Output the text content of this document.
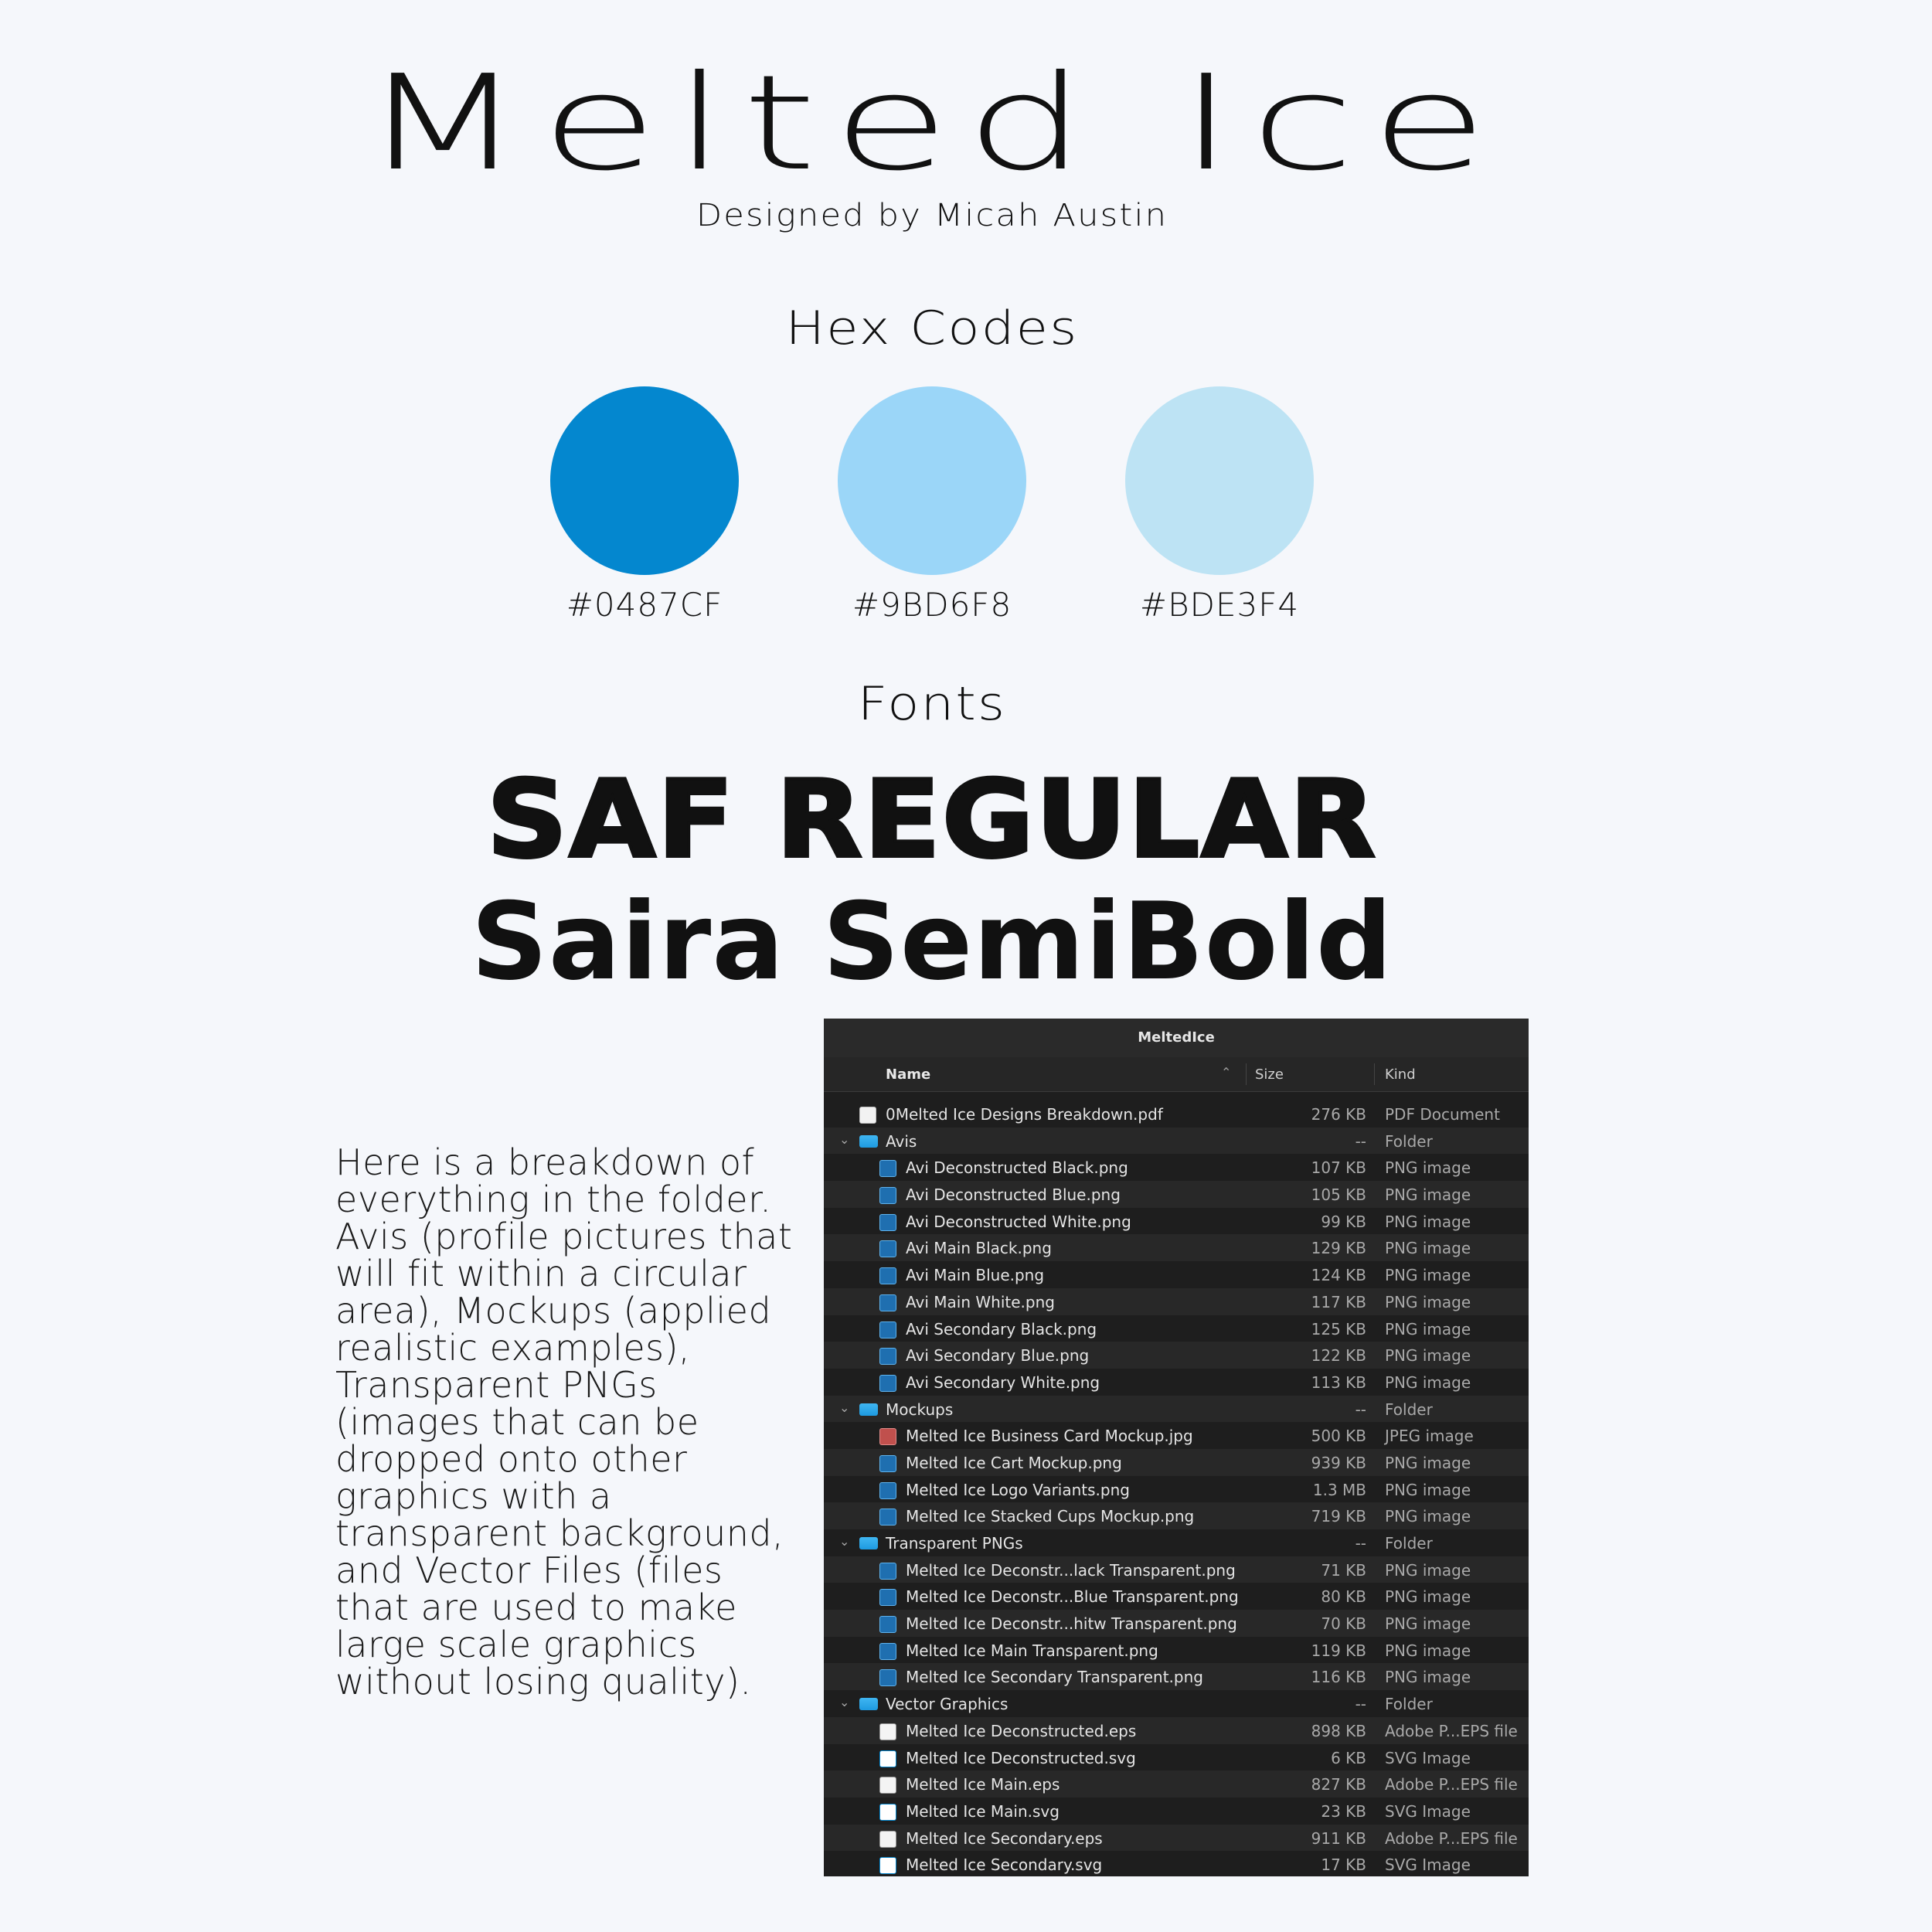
Melted Ice
Designed by Micah Austin
Hex Codes
#0487CF	#9BD6F8	#BDE3F4
Fonts
SAF REGULAR
Saira SemiBold
Here is a breakdown of everything in the folder. Avis (profile pictures that will fit within a circular area), Mockups (applied realistic examples), Transparent PNGs (images that can be dropped onto other graphics with a transparent background, and Vector Files (files that are used to make large scale graphics without losing quality).
MeltedIce
Name	⌃ Size	Kind
0Melted Ice Designs Breakdown.pdf	276 KB PDF Document
⌄ Avis	-- Folder
Avi Deconstructed Black.png	107 KB PNG image
Avi Deconstructed Blue.png	105 KB PNG image
Avi Deconstructed White.png	99 KB PNG image
Avi Main Black.png	129 KB PNG image
Avi Main Blue.png	124 KB PNG image
Avi Main White.png	117 KB PNG image
Avi Secondary Black.png	125 KB PNG image
Avi Secondary Blue.png	122 KB PNG image
Avi Secondary White.png	113 KB PNG image
⌄ Mockups	-- Folder
Melted Ice Business Card Mockup.jpg	500 KB JPEG image
Melted Ice Cart Mockup.png	939 KB PNG image
Melted Ice Logo Variants.png	1.3 MB PNG image
Melted Ice Stacked Cups Mockup.png	719 KB PNG image
⌄ Transparent PNGs	-- Folder
Melted Ice Deconstr...lack Transparent.png	71 KB PNG image
Melted Ice Deconstr...Blue Transparent.png	80 KB PNG image
Melted Ice Deconstr...hitw Transparent.png	70 KB PNG image
Melted Ice Main Transparent.png	119 KB PNG image
Melted Ice Secondary Transparent.png	116 KB PNG image
⌄ Vector Graphics	-- Folder
Melted Ice Deconstructed.eps	898 KB Adobe P...EPS file
Melted Ice Deconstructed.svg	6 KB SVG Image
Melted Ice Main.eps	827 KB Adobe P...EPS file
Melted Ice Main.svg	23 KB SVG Image
Melted Ice Secondary.eps	911 KB Adobe P...EPS file
Melted Ice Secondary.svg	17 KB SVG Image
